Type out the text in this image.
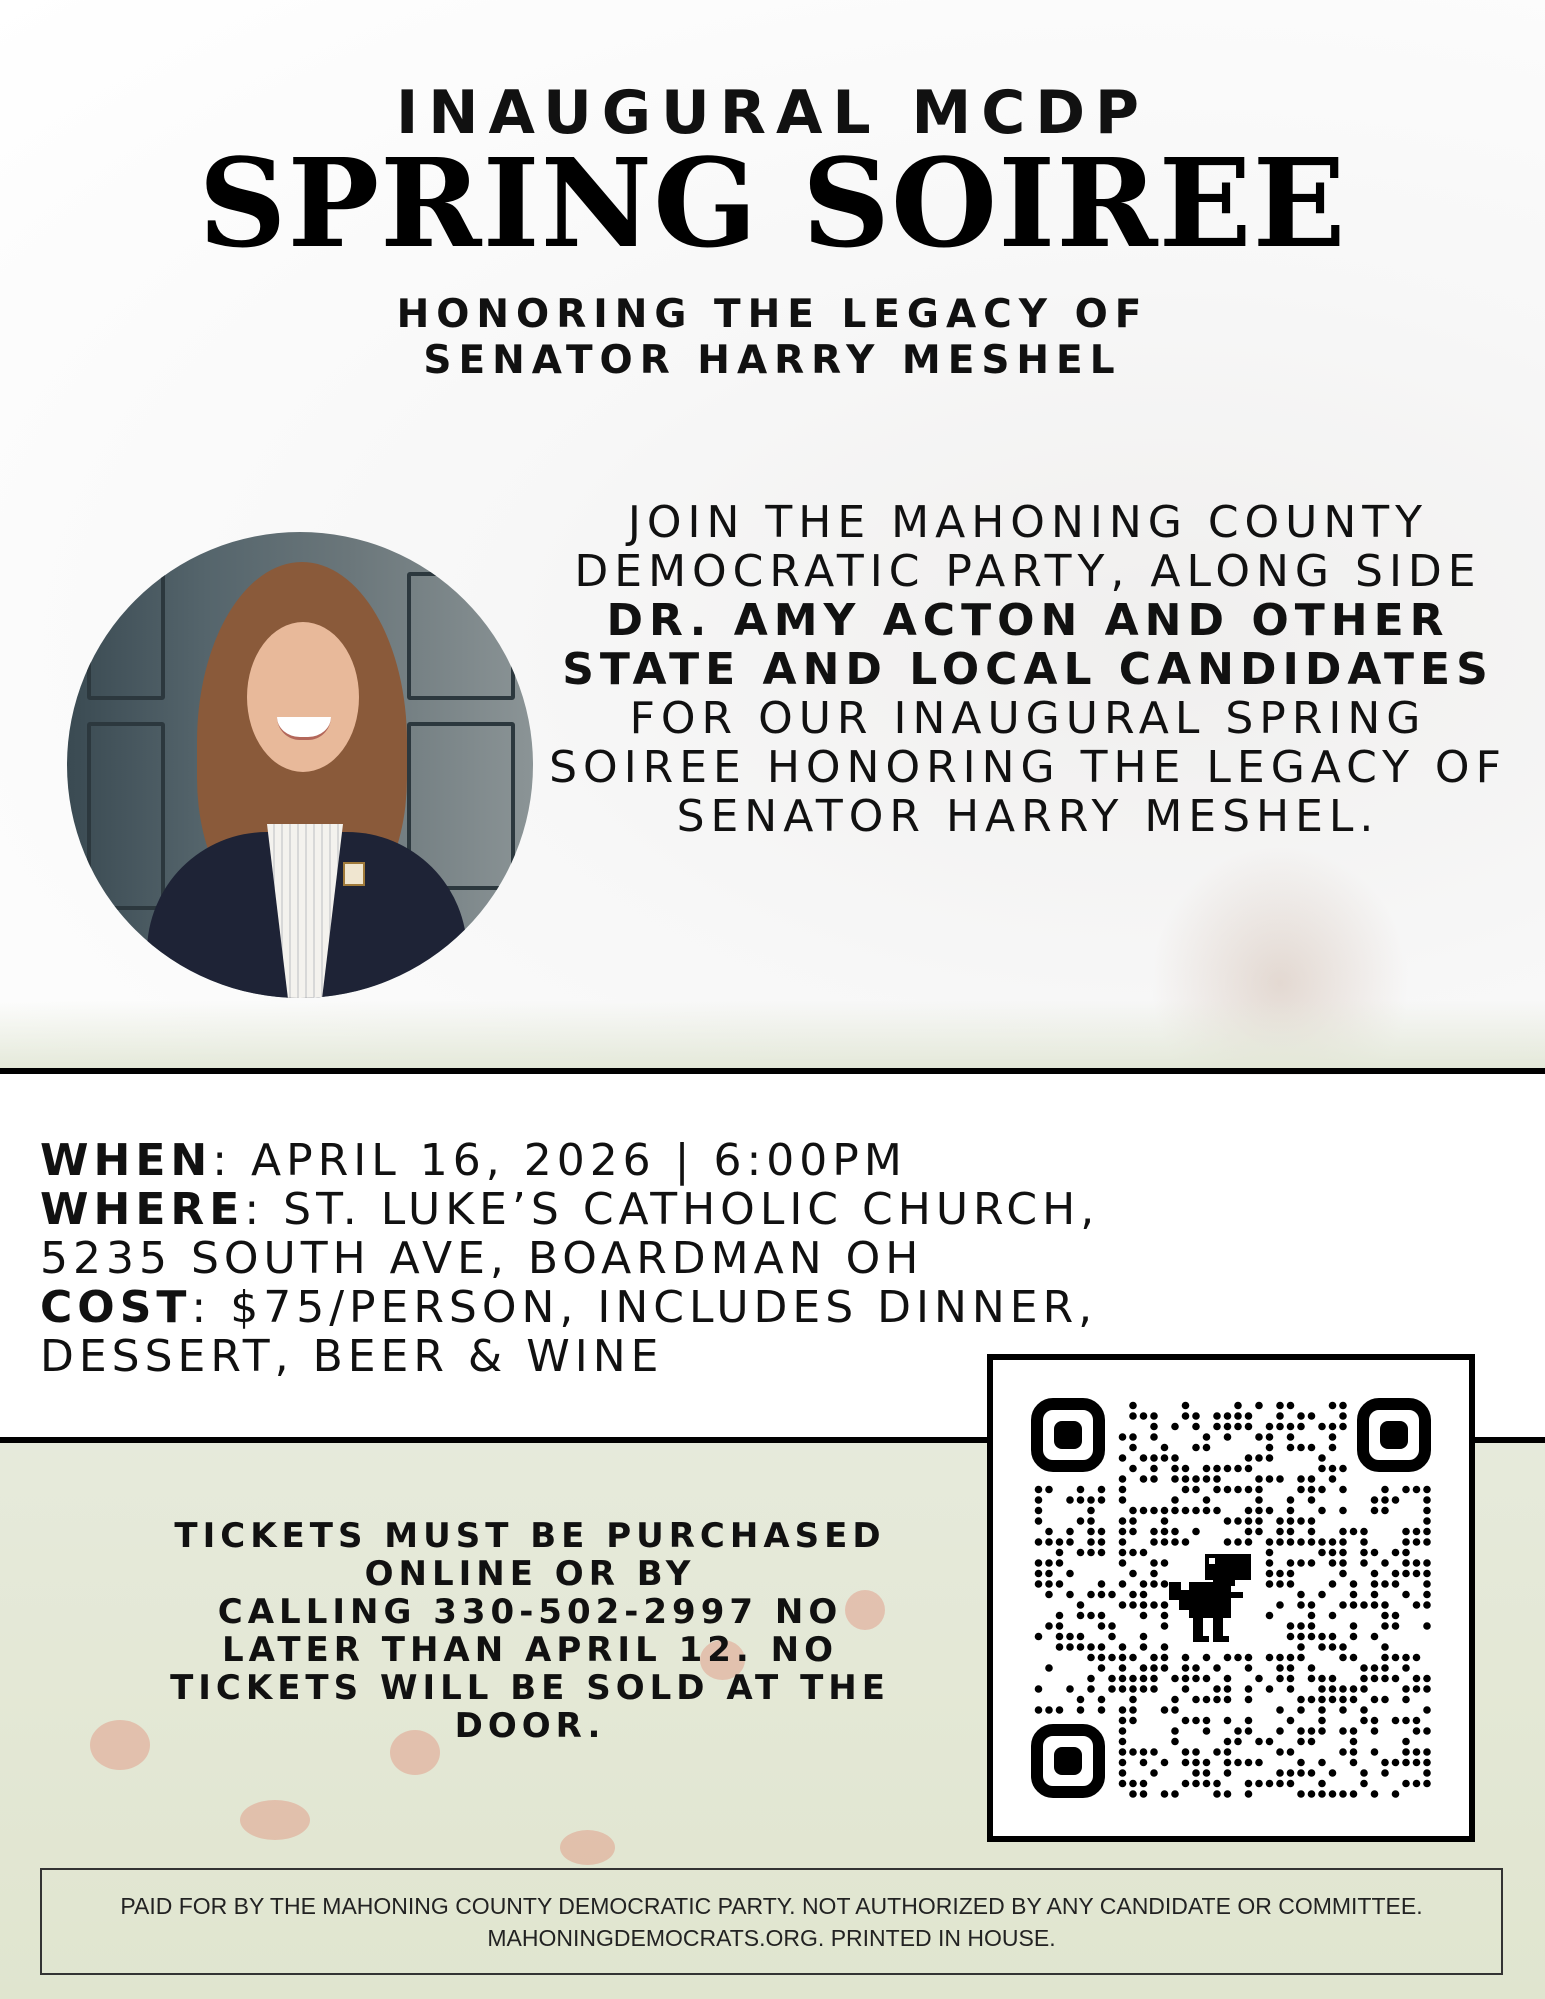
INAUGURAL MCDP
SPRING SOIREE
HONORING THE LEGACY OF
SENATOR HARRY MESHEL
JOIN THE MAHONING COUNTY DEMOCRATIC PARTY, ALONG SIDE DR. AMY ACTON AND OTHER STATE AND LOCAL CANDIDATES FOR OUR INAUGURAL SPRING SOIREE HONORING THE LEGACY OF SENATOR HARRY MESHEL.
WHEN: APRIL 16, 2026 | 6:00PM
WHERE: ST. LUKE’S CATHOLIC CHURCH,
5235 SOUTH AVE, BOARDMAN OH
COST: $75/PERSON, INCLUDES DINNER,
DESSERT, BEER & WINE
TICKETS MUST BE PURCHASED
ONLINE OR BY
CALLING 330-502-2997 NO
LATER THAN APRIL 12. NO
TICKETS WILL BE SOLD AT THE
DOOR.
PAID FOR BY THE MAHONING COUNTY DEMOCRATIC PARTY. NOT AUTHORIZED BY ANY CANDIDATE OR COMMITTEE. MAHONINGDEMOCRATS.ORG. PRINTED IN HOUSE.
